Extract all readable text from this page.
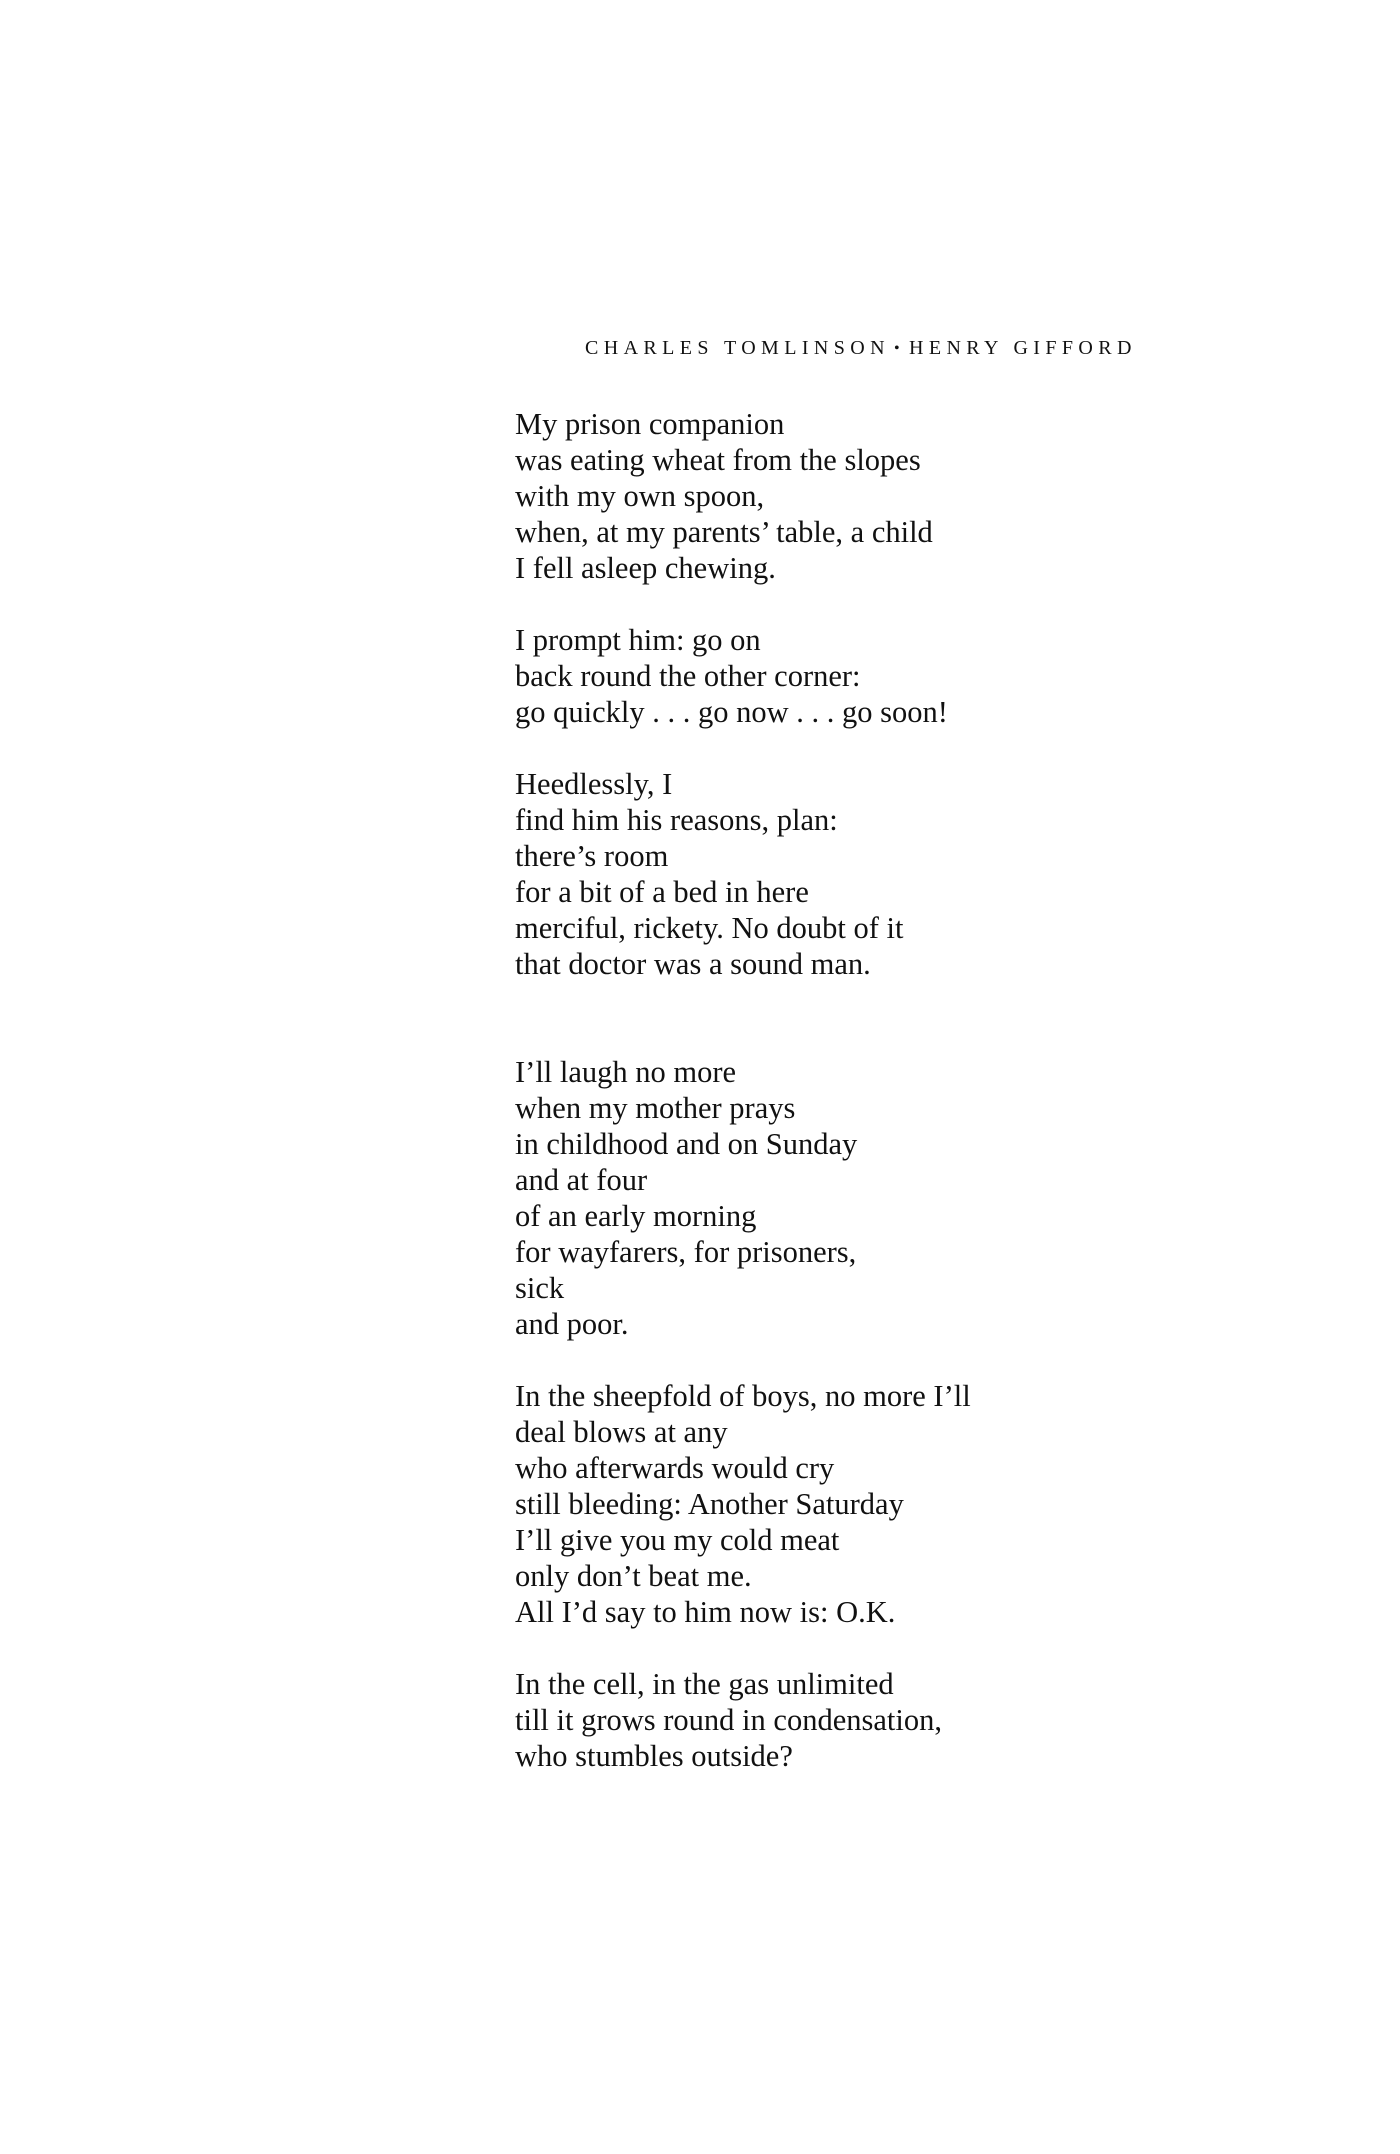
CHARLES TOMLINSON • HENRY GIFFORD
My prison companion
was eating wheat from the slopes
with my own spoon,
when, at my parents’ table, a child
I fell asleep chewing.
I prompt him: go on
back round the other corner:
go quickly . . . go now . . . go soon!
Heedlessly, I
find him his reasons, plan:
there’s room
for a bit of a bed in here
merciful, rickety. No doubt of it
that doctor was a sound man.
I’ll laugh no more
when my mother prays
in childhood and on Sunday
and at four
of an early morning
for wayfarers, for prisoners,
sick
and poor.
In the sheepfold of boys, no more I’ll
deal blows at any
who afterwards would cry
still bleeding: Another Saturday
I’ll give you my cold meat
only don’t beat me.
All I’d say to him now is: O.K.
In the cell, in the gas unlimited
till it grows round in condensation,
who stumbles outside?
